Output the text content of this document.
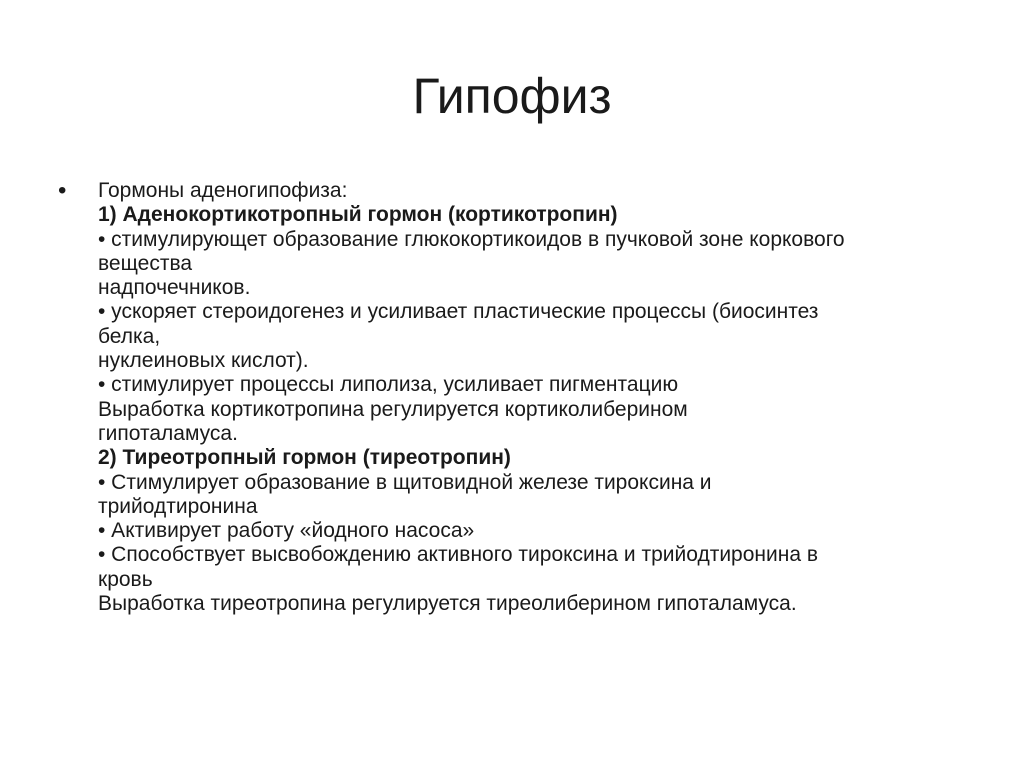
Гипофиз
• Гормоны аденогипофиза:
1) Аденокортикотропный гормон (кортикотропин)
• стимулирующет образование глюкокортикоидов в пучковой зоне коркового
вещества
надпочечников.
• ускоряет стероидогенез и усиливает пластические процессы (биосинтез
белка,
нуклеиновых кислот).
• стимулирует процессы липолиза, усиливает пигментацию
Выработка кортикотропина регулируется кортиколиберином
гипоталамуса.
2) Тиреотропный гормон (тиреотропин)
• Стимулирует образование в щитовидной железе тироксина и
трийодтиронина
• Активирует работу «йодного насоса»
• Способствует высвобождению активного тироксина и трийодтиронина в
кровь
Выработка тиреотропина регулируется тиреолиберином гипоталамуса.
